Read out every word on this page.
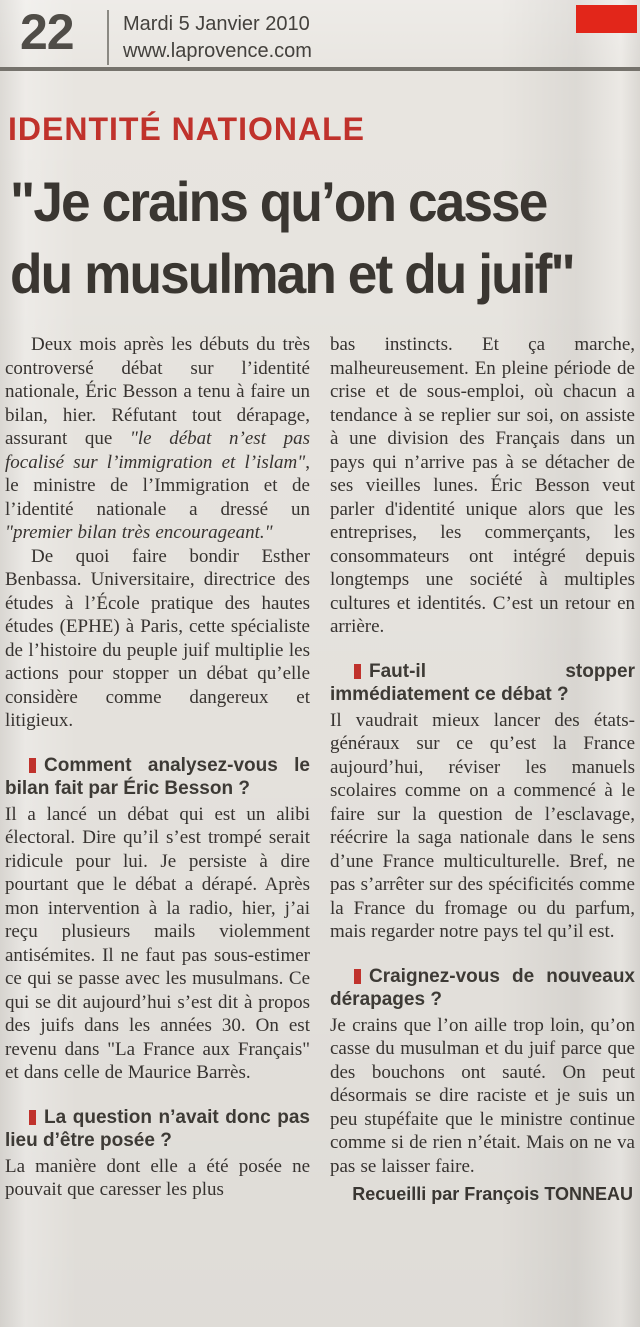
22 Mardi 5 Janvier 2010
www.laprovence.com
IDENTITÉ NATIONALE
"Je crains qu’on casse
du musulman et du juif"

Deux mois après les débuts du très controversé débat sur l’identité nationale, Éric Besson a tenu à faire un bilan, hier. Réfutant tout dérapage, assurant que "le débat n’est pas focalisé sur l’immigration et l’islam", le ministre de l’Immigration et de l’identité nationale a dressé un "premier bilan très encourageant."

De quoi faire bondir Esther Benbassa. Universitaire, directrice des études à l’École pratique des hautes études (EPHE) à Paris, cette spécialiste de l’histoire du peuple juif multiplie les actions pour stopper un débat qu’elle considère comme dangereux et litigieux.

Comment analysez-vous le bilan fait par Éric Besson ?

Il a lancé un débat qui est un alibi électoral. Dire qu’il s’est trompé serait ridicule pour lui. Je persiste à dire pourtant que le débat a dérapé. Après mon intervention à la radio, hier, j’ai reçu plusieurs mails violemment antisémites. Il ne faut pas sous-estimer ce qui se passe avec les musulmans. Ce qui se dit aujourd’hui s’est dit à propos des juifs dans les années 30. On est revenu dans "La France aux Français" et dans celle de Maurice Barrès.

La question n’avait donc pas lieu d’être posée ?

La manière dont elle a été posée ne pouvait que caresser les plus

bas instincts. Et ça marche, malheureusement. En pleine période de crise et de sous-emploi, où chacun a tendance à se replier sur soi, on assiste à une division des Français dans un pays qui n’arrive pas à se détacher de ses vieilles lunes. Éric Besson veut parler d'identité unique alors que les entreprises, les commerçants, les consommateurs ont intégré depuis longtemps une société à multiples cultures et identités. C’est un retour en arrière.

Faut-il stopper immédiatement ce débat ?

Il vaudrait mieux lancer des états-généraux sur ce qu’est la France aujourd’hui, réviser les manuels scolaires comme on a commencé à le faire sur la question de l’esclavage, réécrire la saga nationale dans le sens d’une France multiculturelle. Bref, ne pas s’arrêter sur des spécificités comme la France du fromage ou du parfum, mais regarder notre pays tel qu’il est.

Craignez-vous de nouveaux dérapages ?

Je crains que l’on aille trop loin, qu’on casse du musulman et du juif parce que des bouchons ont sauté. On peut désormais se dire raciste et je suis un peu stupéfaite que le ministre continue comme si de rien n’était. Mais on ne va pas se laisser faire.

Recueilli par François TONNEAU
